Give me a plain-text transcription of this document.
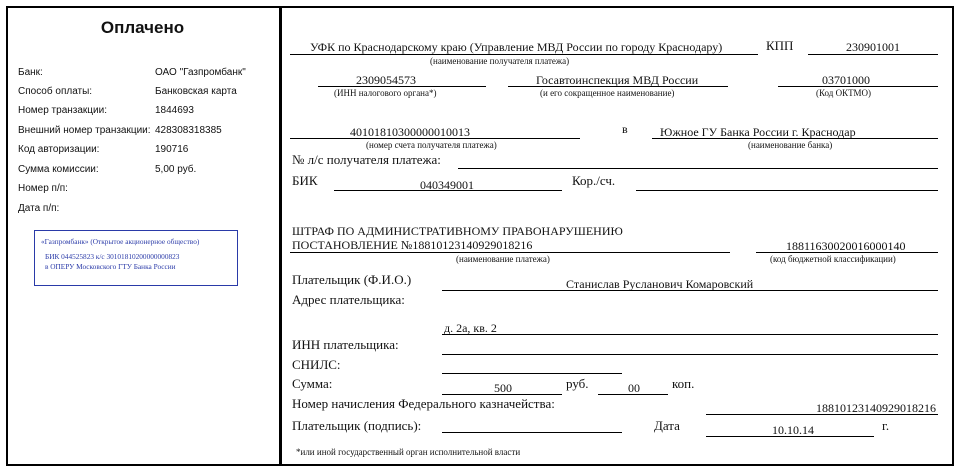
Оплачено
Банк:	ОАО "Газпромбанк"
Способ оплаты:	Банковская карта
Номер транзакции:	1844693
Внешний номер транзакции: 428308318385
Код авторизации:	190716
Сумма комиссии:	5,00 руб.
Номер п/п:
Дата п/п:
«Газпромбанк» (Открытое акционерное общество)
БИК 044525823 к/с 30101810200000000823
в ОПЕРУ Московского ГТУ Банка России
УФК по Краснодарскому краю (Управление МВД России по городу Краснодару)
(наименование получателя платежа)
КПП	230901001
2309054573
(ИНН налогового органа*)
Госавтоинспекция МВД России
(и его сокращенное наименование)
03701000
(Код ОКТМО)
40101810300000010013
(номер счета получателя платежа)
в	Южное ГУ Банка России г. Краснодар
(наименование банка)
№ л/с получателя платежа:
БИК	040349001	Кор./сч.
ШТРАФ ПО АДМИНИСТРАТИВНОМУ ПРАВОНАРУШЕНИЮ
ПОСТАНОВЛЕНИЕ №18810123140929018216
(наименование платежа)
18811630020016000140
(код бюджетной классификации)
Плательщик (Ф.И.О.)	Станислав Русланович Комаровский
Адрес плательщика:
д. 2а, кв. 2
ИНН плательщика:
СНИЛС:
Сумма:	500	руб.	00 коп.
Номер начисления Федерального казначейства:	18810123140929018216
Плательщик (подпись):	Дата	10.10.14	г.
*или иной государственный орган исполнительной власти
